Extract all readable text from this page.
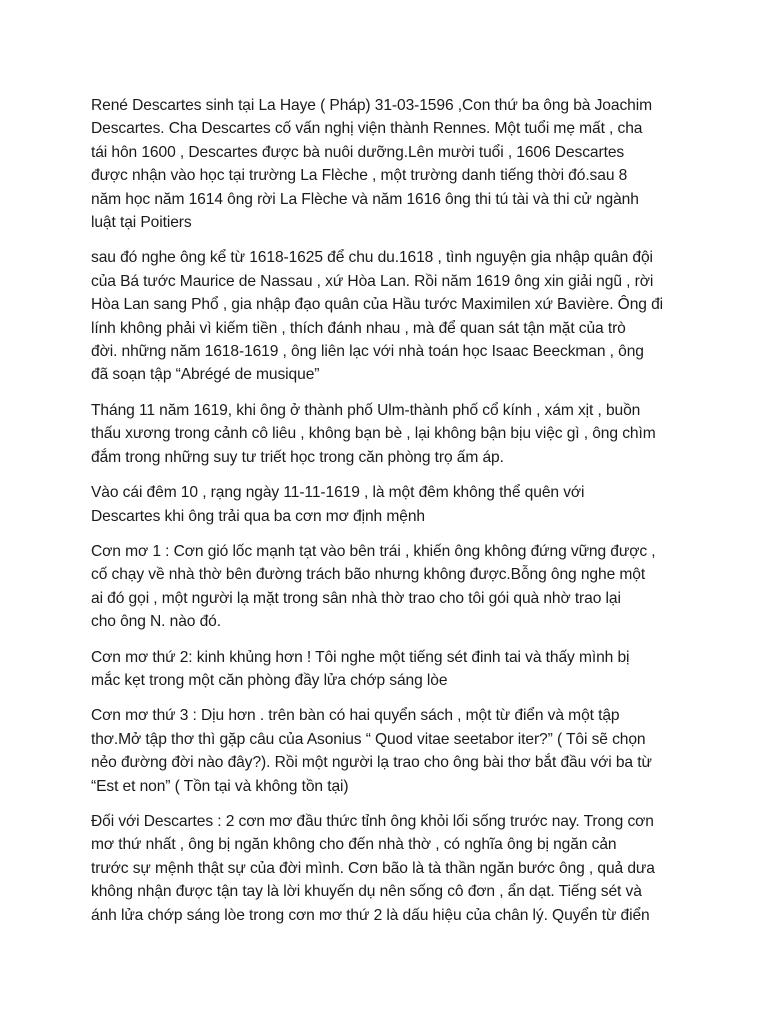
René Descartes sinh tại La Haye ( Pháp) 31-03-1596 ,Con thứ ba ông bà Joachim
Descartes. Cha Descartes cố vấn nghị viện thành Rennes. Một tuổi mẹ mất , cha
tái hôn 1600 , Descartes được bà nuôi dưỡng.Lên mười tuổi , 1606 Descartes
được nhận vào học tại trường La Flèche , một trường danh tiếng thời đó.sau 8
năm học năm 1614 ông rời La Flèche và năm 1616 ông thi tú tài và thi cử ngành
luật tại Poitiers

sau đó nghe ông kể từ 1618-1625 để chu du.1618 , tình nguyện gia nhập quân đội
của Bá tước Maurice de Nassau , xứ Hòa Lan. Rồi năm 1619 ông xin giải ngũ , rời
Hòa Lan sang Phổ , gia nhập đạo quân của Hầu tước Maximilen xứ Bavière. Ông đi
lính không phải vì kiếm tiền , thích đánh nhau , mà để quan sát tận mặt của trò
đời. những năm 1618-1619 , ông liên lạc với nhà toán học Isaac Beeckman , ông
đã soạn tập “Abrégé de musique”

Tháng 11 năm 1619, khi ông ở thành phố Ulm-thành phố cổ kính , xám xịt , buồn
thấu xương trong cảnh cô liêu , không bạn bè , lại không bận bịu việc gì , ông chìm
đắm trong những suy tư triết học trong căn phòng trọ ấm áp.

Vào cái đêm 10 , rạng ngày 11-11-1619 , là một đêm không thể quên với
Descartes khi ông trải qua ba cơn mơ định mệnh

Cơn mơ 1 : Cơn gió lốc mạnh tạt vào bên trái , khiến ông không đứng vững được ,
cố chạy về nhà thờ bên đường trách bão nhưng không được.Bỗng ông nghe một
ai đó gọi , một người lạ mặt trong sân nhà thờ trao cho tôi gói quà nhờ trao lại
cho ông N. nào đó.

Cơn mơ thứ 2: kinh khủng hơn ! Tôi nghe một tiếng sét đinh tai và thấy mình bị
mắc kẹt trong một căn phòng đầy lửa chớp sáng lòe

Cơn mơ thứ 3 : Dịu hơn . trên bàn có hai quyển sách , một từ điển và một tập
thơ.Mở tập thơ thì gặp câu của Asonius “ Quod vitae seetabor iter?” ( Tôi sẽ chọn
nẻo đường đời nào đây?). Rồi một người lạ trao cho ông bài thơ bắt đầu với ba từ
“Est et non” ( Tồn tại và không tồn tại)

Đối với Descartes : 2 cơn mơ đầu thức tỉnh ông khỏi lối sống trước nay. Trong cơn
mơ thứ nhất , ông bị ngăn không cho đến nhà thờ , có nghĩa ông bị ngăn cản
trước sự mệnh thật sự của đời mình. Cơn bão là tà thần ngăn bước ông , quả dưa
không nhận được tận tay là lời khuyến dụ nên sống cô đơn , ẩn dạt. Tiếng sét và
ánh lửa chớp sáng lòe trong cơn mơ thứ 2 là dấu hiệu của chân lý. Quyển từ điển
